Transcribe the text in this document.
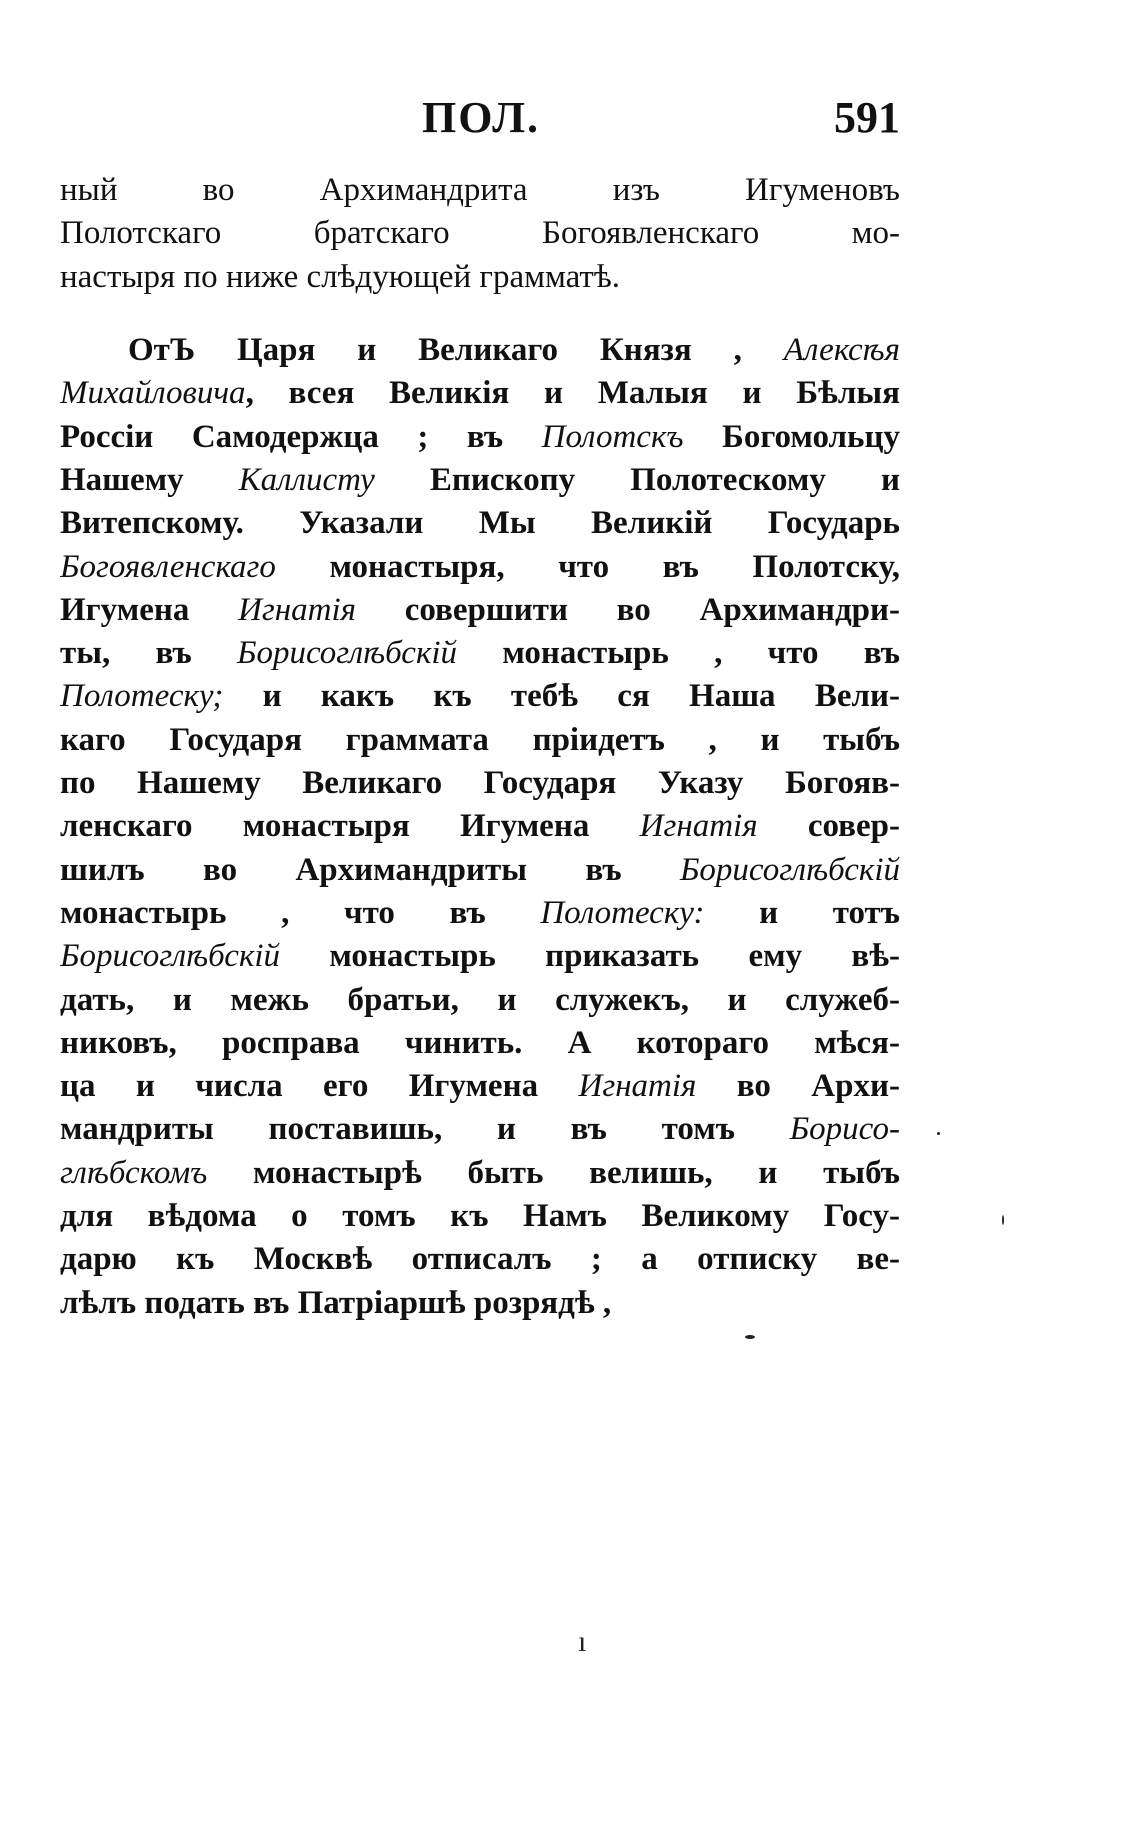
ПОЛ.	591
ный во Архимандрита изъ Игуменовъ
Полотскаго братскаго Богоявленскаго мо-
настыря по ниже слѣдующей грамматѣ.
ОтЪ Царя и Великаго Князя , Алексѣя
Михайловича, всея Великія и Малыя и Бѣлыя
Россіи Самодержца ; въ Полотскъ Богомольцу
Нашему Каллисту Епископу Полотескому и
Витепскому. Указали Мы Великій Государь
Богоявленскаго монастыря, что въ Полотску,
Игумена Игнатія совершити во Архимандри-
ты, въ Борисоглѣбскій монастырь , что въ
Полотеску; и какъ къ тебѣ ся Наша Вели-
каго Государя граммата пріидетъ , и тыбъ
по Нашему Великаго Государя Указу Богояв-
ленскаго монастыря Игумена Игнатія совер-
шилъ во Архимандриты въ Борисоглѣбскій
монастырь , что въ Полотеску: и тотъ
Борисоглѣбскій монастырь приказать ему вѣ-
дать, и межь братьи, и служекъ, и служеб-
никовъ, росправа чинить. А котораго мѣся-
ца и числа его Игумена Игнатія во Архи-
мандриты поставишь, и въ томъ Борисо-
глѣбскомъ монастырѣ быть велишь, и тыбъ
для вѣдома о томъ къ Намъ Великому Госу-
дарю къ Москвѣ отписалъ ; а отписку ве-
лѣлъ подать въ Патріаршѣ розрядѣ ,
ı
